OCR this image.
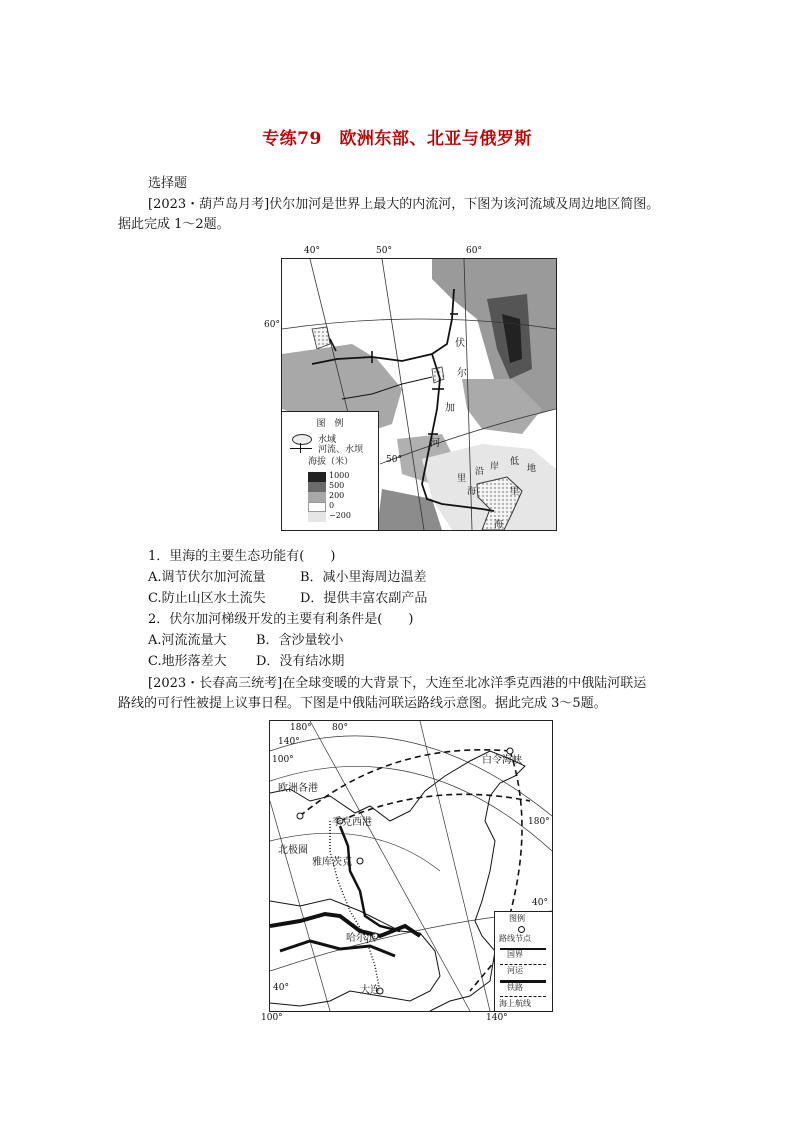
专练79　欧洲东部、北亚与俄罗斯
选择题
[2023・葫芦岛月考]伏尔加河是世界上最大的内流河，下图为该河流域及周边地区简图。
据此完成 1～2题。
伏
尔
加
河
里
海
沿 岸 低
地
里
海
50°
图　例
水域
河流、水坝
海拔（米）
1000
500
200
0
−200
40°	50°	60°
60°
1．里海的主要生态功能有(　　)
A.调节伏尔加河流量	B．减小里海周边温差
C.防止山区水土流失	D．提供丰富农副产品
2．伏尔加河梯级开发的主要有利条件是(　　)
A.河流流量大 B．含沙量较小
C.地形落差大 D．没有结冰期
[2023・长春高三统考]在全球变暖的大背景下，大连至北冰洋季克西港的中俄陆河联运
路线的可行性被提上议事日程。下图是中俄陆河联运路线示意图。据此完成 3～5题。
180° 80°
140°
100°	白令海峡
欧洲各港
季克西港	180°
北极圈
雅库茨克
40°
哈尔滨
40°	大连
图例
路线节点
国界
河运
铁路
海上航线
100°	140°
